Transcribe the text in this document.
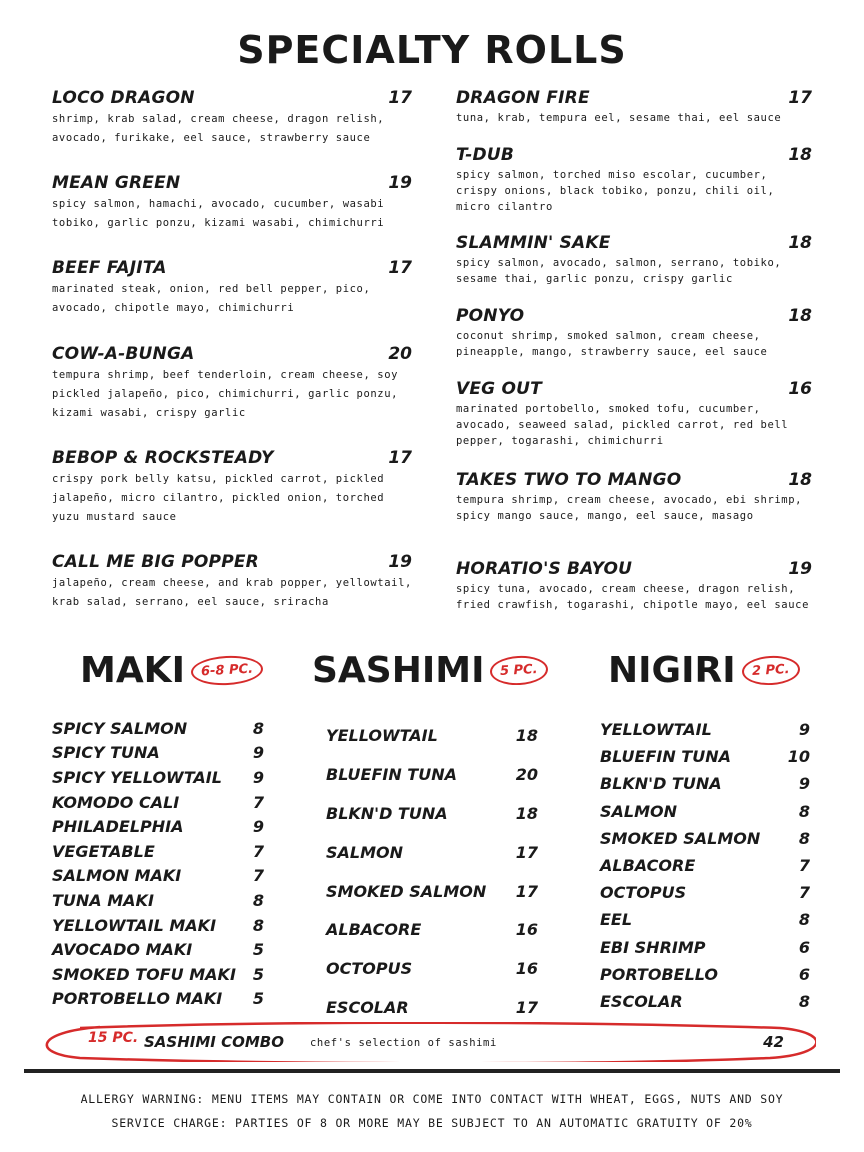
SPECIALTY ROLLS
LOCO DRAGON	17
shrimp, krab salad, cream cheese, dragon relish, avocado, furikake, eel sauce, strawberry sauce
MEAN GREEN	19
spicy salmon, hamachi, avocado, cucumber, wasabi tobiko, garlic ponzu, kizami wasabi, chimichurri
BEEF FAJITA	17
marinated steak, onion, red bell pepper, pico, avocado, chipotle mayo, chimichurri
COW-A-BUNGA	20
tempura shrimp, beef tenderloin, cream cheese, soy pickled jalapeño, pico, chimichurri, garlic ponzu, kizami wasabi, crispy garlic
BEBOP & ROCKSTEADY	17
crispy pork belly katsu, pickled carrot, pickled jalapeño, micro cilantro, pickled onion, torched yuzu mustard sauce
CALL ME BIG POPPER	19
jalapeño, cream cheese, and krab popper, yellowtail, krab salad, serrano, eel sauce, sriracha
DRAGON FIRE	17
tuna, krab, tempura eel, sesame thai, eel sauce
T-DUB	18
spicy salmon, torched miso escolar, cucumber, crispy onions, black tobiko, ponzu, chili oil, micro cilantro
SLAMMIN' SAKE	18
spicy salmon, avocado, salmon, serrano, tobiko, sesame thai, garlic ponzu, crispy garlic
PONYO	18
coconut shrimp, smoked salmon, cream cheese, pineapple, mango, strawberry sauce, eel sauce
VEG OUT	16
marinated portobello, smoked tofu, cucumber, avocado, seaweed salad, pickled carrot, red bell pepper, togarashi, chimichurri
TAKES TWO TO MANGO	18
tempura shrimp, cream cheese, avocado, ebi shrimp, spicy mango sauce, mango, eel sauce, masago
HORATIO'S BAYOU	19
spicy tuna, avocado, cream cheese, dragon relish, fried crawfish, togarashi, chipotle mayo, eel sauce
MAKI	6-8 PC. SASHIMI	5 PC. NIGIRI	2 PC.
SPICY SALMON	8
SPICY TUNA	9
SPICY YELLOWTAIL 9
KOMODO CALI	7
PHILADELPHIA	9
VEGETABLE	7
SALMON MAKI	7
TUNA MAKI	8
YELLOWTAIL MAKI 8
AVOCADO MAKI	5
SMOKED TOFU MAKI 5
PORTOBELLO MAKI 5
YELLOWTAIL	18
BLUEFIN TUNA	20
BLKN'D TUNA	18
SALMON	17
SMOKED SALMON 17
ALBACORE	16
OCTOPUS	16
ESCOLAR	17
YELLOWTAIL	9
BLUEFIN TUNA	10
BLKN'D TUNA	9
SALMON	8
SMOKED SALMON 8
ALBACORE	7
OCTOPUS	7
EEL	8
EBI SHRIMP	6
PORTOBELLO	6
ESCOLAR	8
15 PC. SASHIMI COMBO chef's selection of sashimi	42
ALLERGY WARNING: MENU ITEMS MAY CONTAIN OR COME INTO CONTACT WITH WHEAT, EGGS, NUTS AND SOY
SERVICE CHARGE: PARTIES OF 8 OR MORE MAY BE SUBJECT TO AN AUTOMATIC GRATUITY OF 20%
